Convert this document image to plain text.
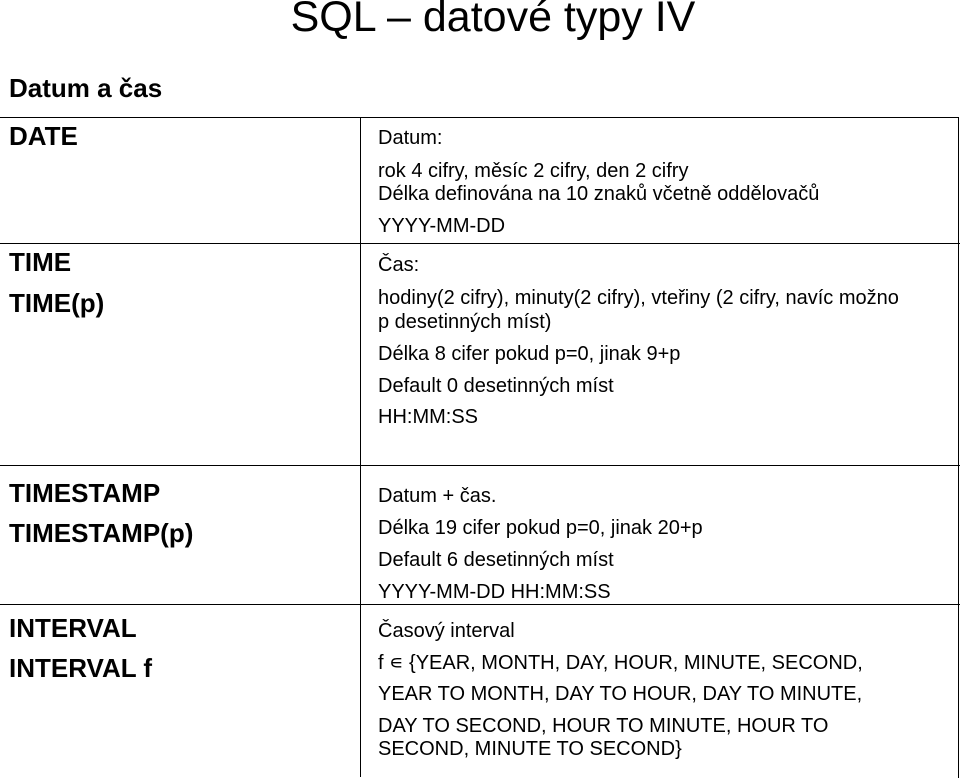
SQL – datové typy IV
Datum a čas
DATE	Datum:
rok 4 cifry, měsíc 2 cifry, den 2 cifry
Délka definována na 10 znaků včetně oddělovačů
YYYY-MM-DD
TIME
TIME(p)
Čas:
hodiny(2 cifry), minuty(2 cifry), vteřiny (2 cifry, navíc možno
p desetinných míst)
Délka 8 cifer pokud p=0, jinak 9+p
Default 0 desetinných míst
HH:MM:SS
TIMESTAMP
TIMESTAMP(p)
Datum + čas.
Délka 19 cifer pokud p=0, jinak 20+p
Default 6 desetinných míst
YYYY-MM-DD HH:MM:SS
INTERVAL
INTERVAL f
Časový interval
f ∊ {YEAR, MONTH, DAY, HOUR, MINUTE, SECOND,
YEAR TO MONTH, DAY TO HOUR, DAY TO MINUTE,
DAY TO SECOND, HOUR TO MINUTE, HOUR TO
SECOND, MINUTE TO SECOND}
